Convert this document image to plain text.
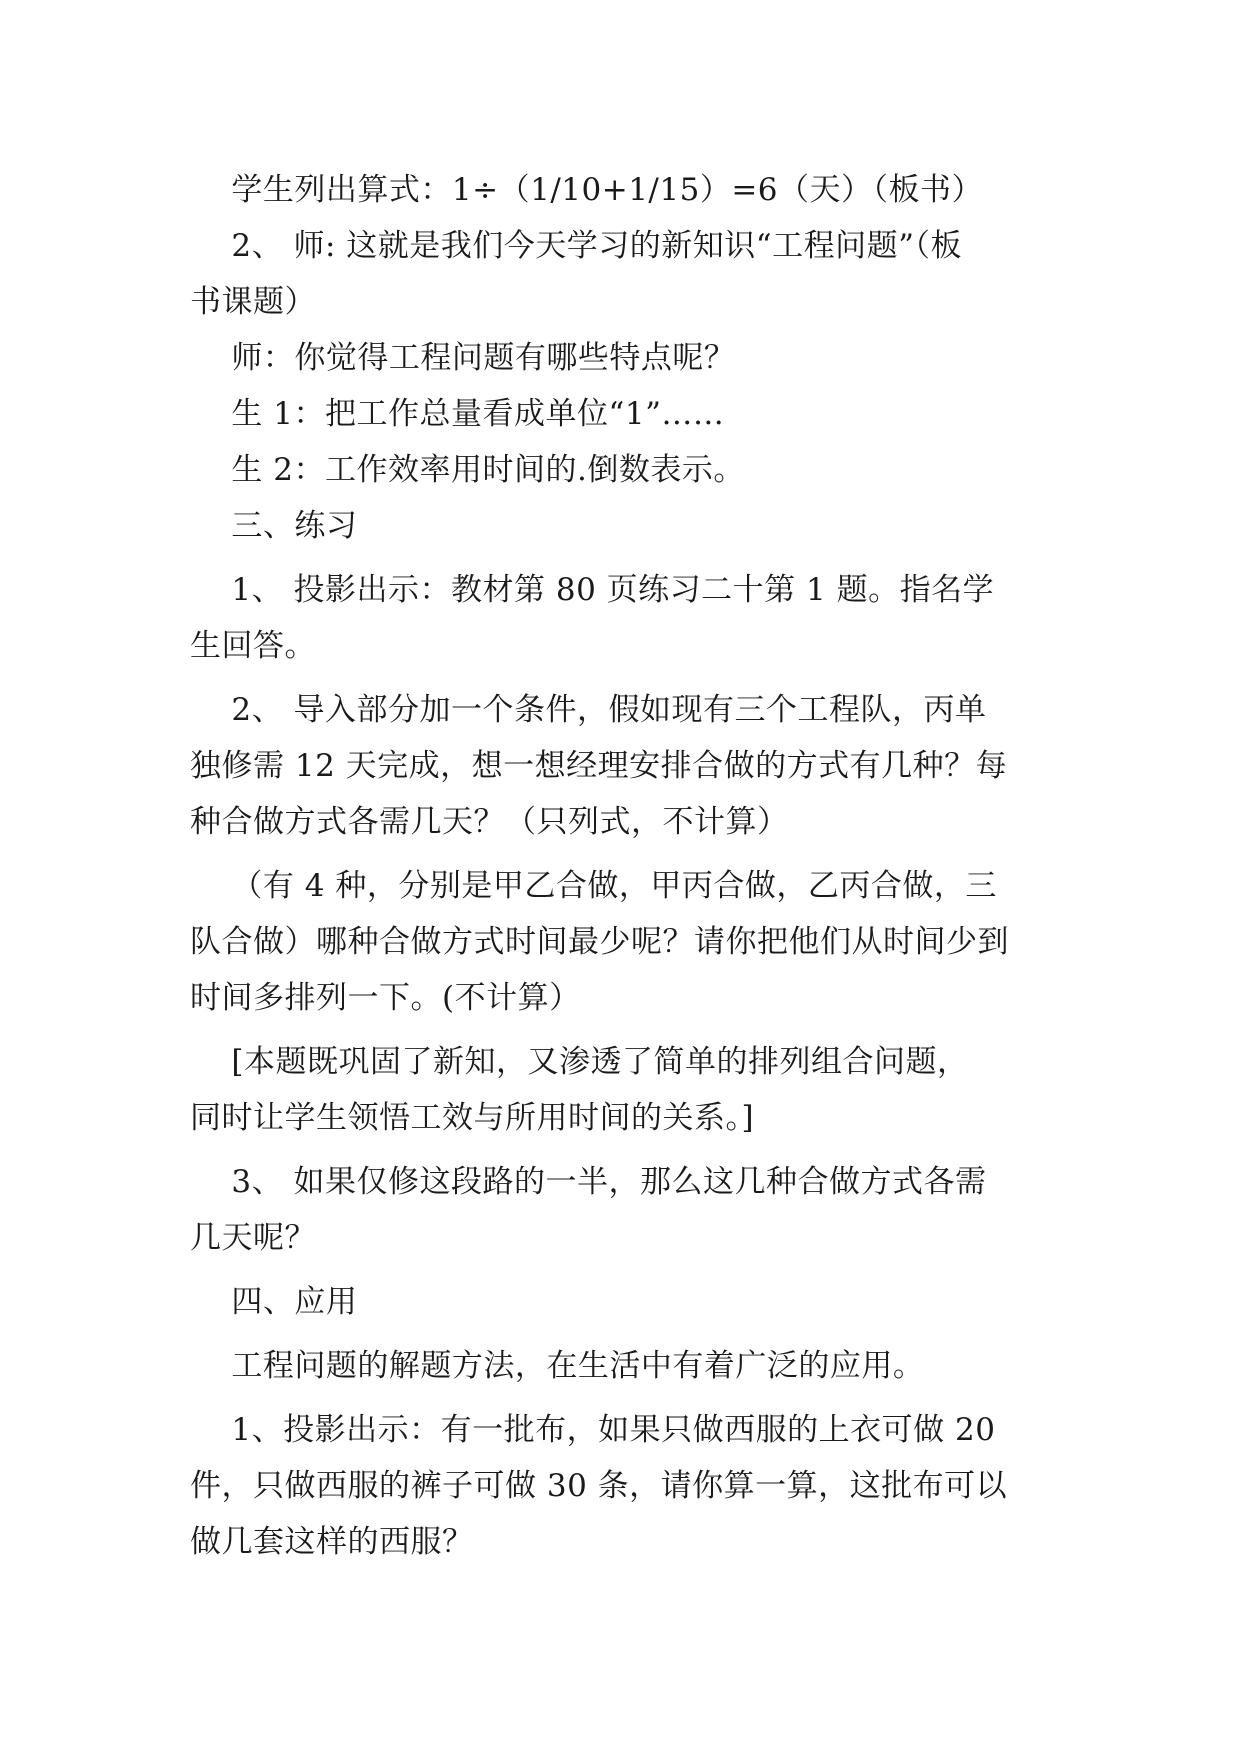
学生列出算式：1÷（1/10+1/15）=6（天）（板书）
2、 师: 这就是我们今天学习的新知识“工程问题”（板
书课题）
师：你觉得工程问题有哪些特点呢？
生 1：把工作总量看成单位“1”……
生 2：工作效率用时间的.倒数表示。
三、练习
1、 投影出示：教材第 80 页练习二十第 1 题。指名学
生回答。
2、 导入部分加一个条件，假如现有三个工程队，丙单
独修需 12 天完成，想一想经理安排合做的方式有几种？每
种合做方式各需几天？（只列式，不计算）
（有 4 种，分别是甲乙合做，甲丙合做，乙丙合做，三
队合做）哪种合做方式时间最少呢？请你把他们从时间少到
时间多排列一下。(不计算）
[本题既巩固了新知，又渗透了简单的排列组合问题，
同时让学生领悟工效与所用时间的关系。]
3、 如果仅修这段路的一半，那么这几种合做方式各需
几天呢？
四、应用
工程问题的解题方法，在生活中有着广泛的应用。
1、投影出示：有一批布，如果只做西服的上衣可做 20
件，只做西服的裤子可做 30 条，请你算一算，这批布可以
做几套这样的西服？
